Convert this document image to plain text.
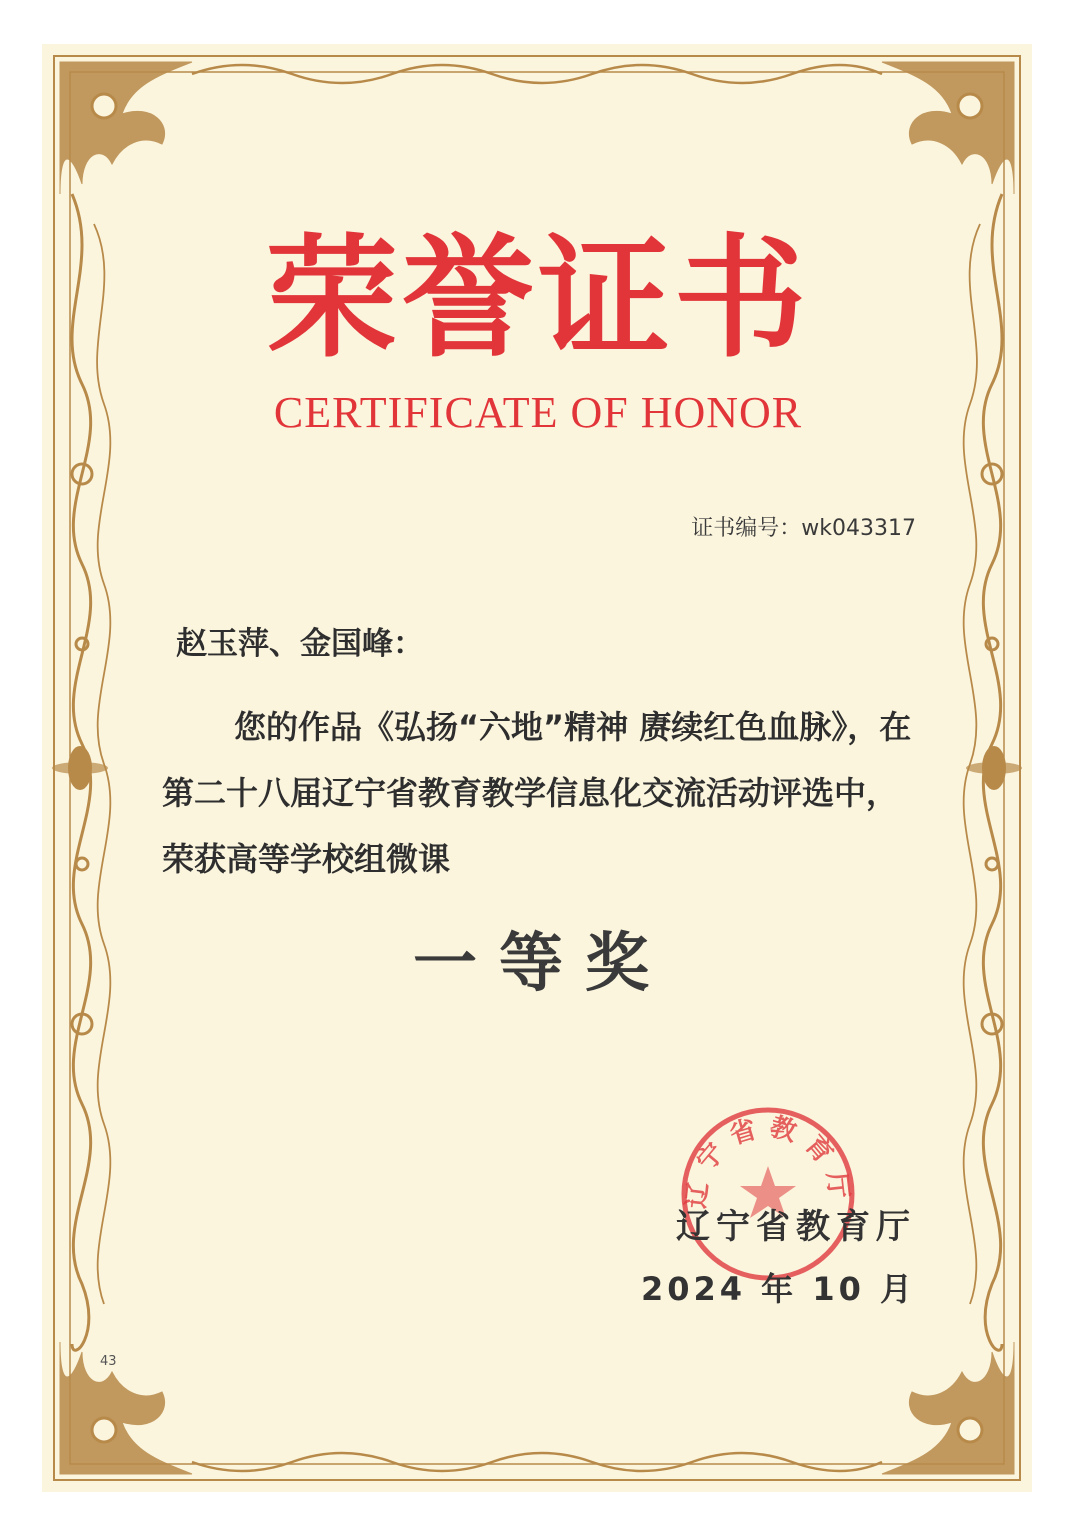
荣誉证书
CERTIFICATE OF HONOR
证书编号：wk043317
赵玉萍、金国峰：
您的作品《弘扬“六地”精神 赓续红色血脉》，在第二十八届辽宁省教育教学信息化交流活动评选中，荣获高等学校组微课
一等奖
辽宁省教育厅
辽宁省教育厅
2024 年 10 月
43
